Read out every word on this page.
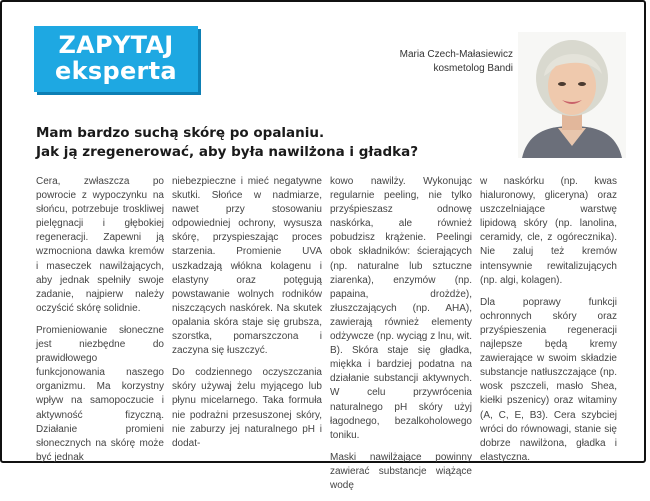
ZAPYTAJ
eksperta
Maria Czech-Małasiewicz
kosmetolog Bandi
Mam bardzo suchą skórę po opalaniu.
Jak ją zregenerować, aby była nawilżona i gładka?

Cera, zwłaszcza po powrocie z wypoczynku na słońcu, potrzebuje troskliwej pielęgnacji i głębokiej regeneracji. Zapewni ją wzmocniona dawka kremów i maseczek nawilżających, aby jednak spełniły swoje zadanie, najpierw należy oczyścić skórę solidnie.

Promieniowanie słoneczne jest niezbędne do prawidłowego funkcjonowania naszego organizmu. Ma korzystny wpływ na samopoczucie i aktywność fizyczną. Działanie promieni słonecznych na skórę może być jednak

niebezpieczne i mieć negatywne skutki. Słońce w nadmiarze, nawet przy stosowaniu odpowiedniej ochrony, wysusza skórę, przyspieszając proces starzenia. Promienie UVA uszkadzają włókna kolagenu i elastyny oraz potęgują powstawanie wolnych rodników niszczących naskórek. Na skutek opalania skóra staje się grubsza, szorstka, pomarszczona i zaczyna się łuszczyć.

Do codziennego oczyszczania skóry używaj żelu myjącego lub płynu micelarnego. Taka formuła nie podrażni przesuszonej skóry, nie zaburzy jej naturalnego pH i dodat-

kowo nawilży. Wykonując regularnie peeling, nie tylko przyśpieszasz odnowę naskórka, ale również pobudzisz krążenie. Peelingi obok składników: ścierających (np. naturalne lub sztuczne ziarenka), enzymów (np. papaina, drożdże), złuszczających (np. AHA), zawierają również elementy odżywcze (np. wyciąg z lnu, wit. B). Skóra staje się gładka, miękka i bardziej podatna na działanie substancji aktywnych. W celu przywrócenia naturalnego pH skóry użyj łagodnego, bezalkoholowego toniku.

Maski nawilżające powinny zawierać substancje wiążące wodę

w naskórku (np. kwas hialuronowy, gliceryna) oraz uszczelniające warstwę lipidową skóry (np. lanolina, ceramidy, cle, z ogórecznika). Nie zaluj też kremów intensywnie rewitalizujących (np. algi, kolagen).

Dla poprawy funkcji ochronnych skóry oraz przyśpieszenia regeneracji najlepsze będą kremy zawierające w swoim składzie substancje natłuszczające (np. wosk pszczeli, masło Shea, kiełki pszenicy) oraz witaminy (A, C, E, B3). Cera szybciej wróci do równowagi, stanie się dobrze nawilżona, gładka i elastyczna.
